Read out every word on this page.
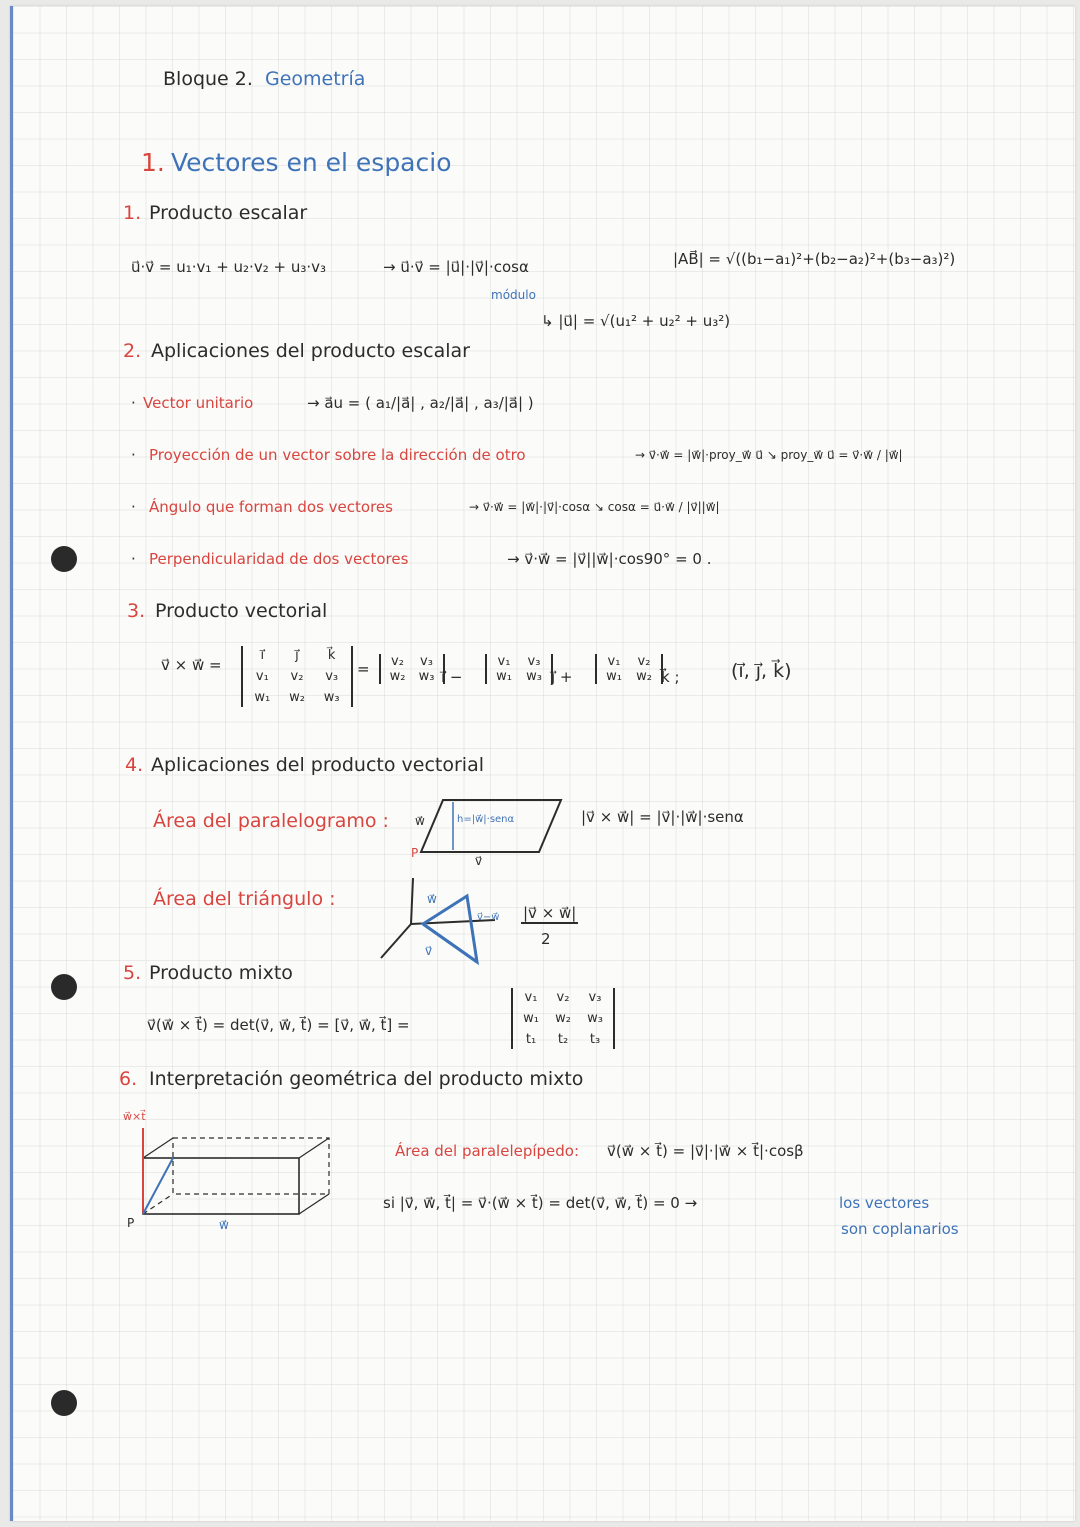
Bloque 2. Geometría
1. Vectores en el espacio
1. Producto escalar
u⃗·v⃗ = u₁·v₁ + u₂·v₂ + u₃·v₃	→ u⃗·v⃗ = |u⃗|·|v⃗|·cosα	|AB⃗| = √((b₁−a₁)²+(b₂−a₂)²+(b₃−a₃)²)
módulo
↳ |u⃗| = √(u₁² + u₂² + u₃²)
2. Aplicaciones del producto escalar
· Vector unitario	→ a⃗u = ( a₁/|a⃗| , a₂/|a⃗| , a₃/|a⃗| )
· Proyección de un vector sobre la dirección de otro	→ v⃗·w⃗ = |w⃗|·proy_w⃗ u⃗ ↘ proy_w⃗ u⃗ = v⃗·w⃗ / |w⃗|
· Ángulo que forman dos vectores	→ v⃗·w⃗ = |w⃗|·|v⃗|·cosα ↘ cosα = u⃗·w⃗ / |v⃗||w⃗|
· Perpendicularidad de dos vectores	→ v⃗·w⃗ = |v⃗||w⃗|·cos90° = 0 .
3. Producto vectorial
v⃗ × w⃗ =
i⃗	j⃗	k⃗
v₁	v₂	v₃
w₁	w₂	w₃
=	v₂	v₃
w₂	w₃ i⃗ −
v₁	v₃
w₁	w₃ j⃗ +
v₁	v₂
w₁	w₂ k⃗ ;	(i⃗, j⃗, k⃗)
4. Aplicaciones del producto vectorial
Área del paralelogramo : w⃗	h=|w⃗|·senα
P
v⃗
|v⃗ × w⃗| = |v⃗|·|w⃗|·senα
Área del triángulo :	w⃗
v⃗
v⃗−w⃗ |v⃗ × w⃗|
2
5. Producto mixto
v⃗(w⃗ × t⃗) = det(v⃗, w⃗, t⃗) = [v⃗, w⃗, t⃗] =
v₁	v₂	v₃
w₁	w₂	w₃
t₁	t₂	t₃
6. Interpretación geométrica del producto mixto
w⃗×t⃗
P	w⃗
Área del paralelepípedo: v⃗(w⃗ × t⃗) = |v⃗|·|w⃗ × t⃗|·cosβ
si |v⃗, w⃗, t⃗| = v⃗·(w⃗ × t⃗) = det(v⃗, w⃗, t⃗) = 0 →	los vectores
son coplanarios
